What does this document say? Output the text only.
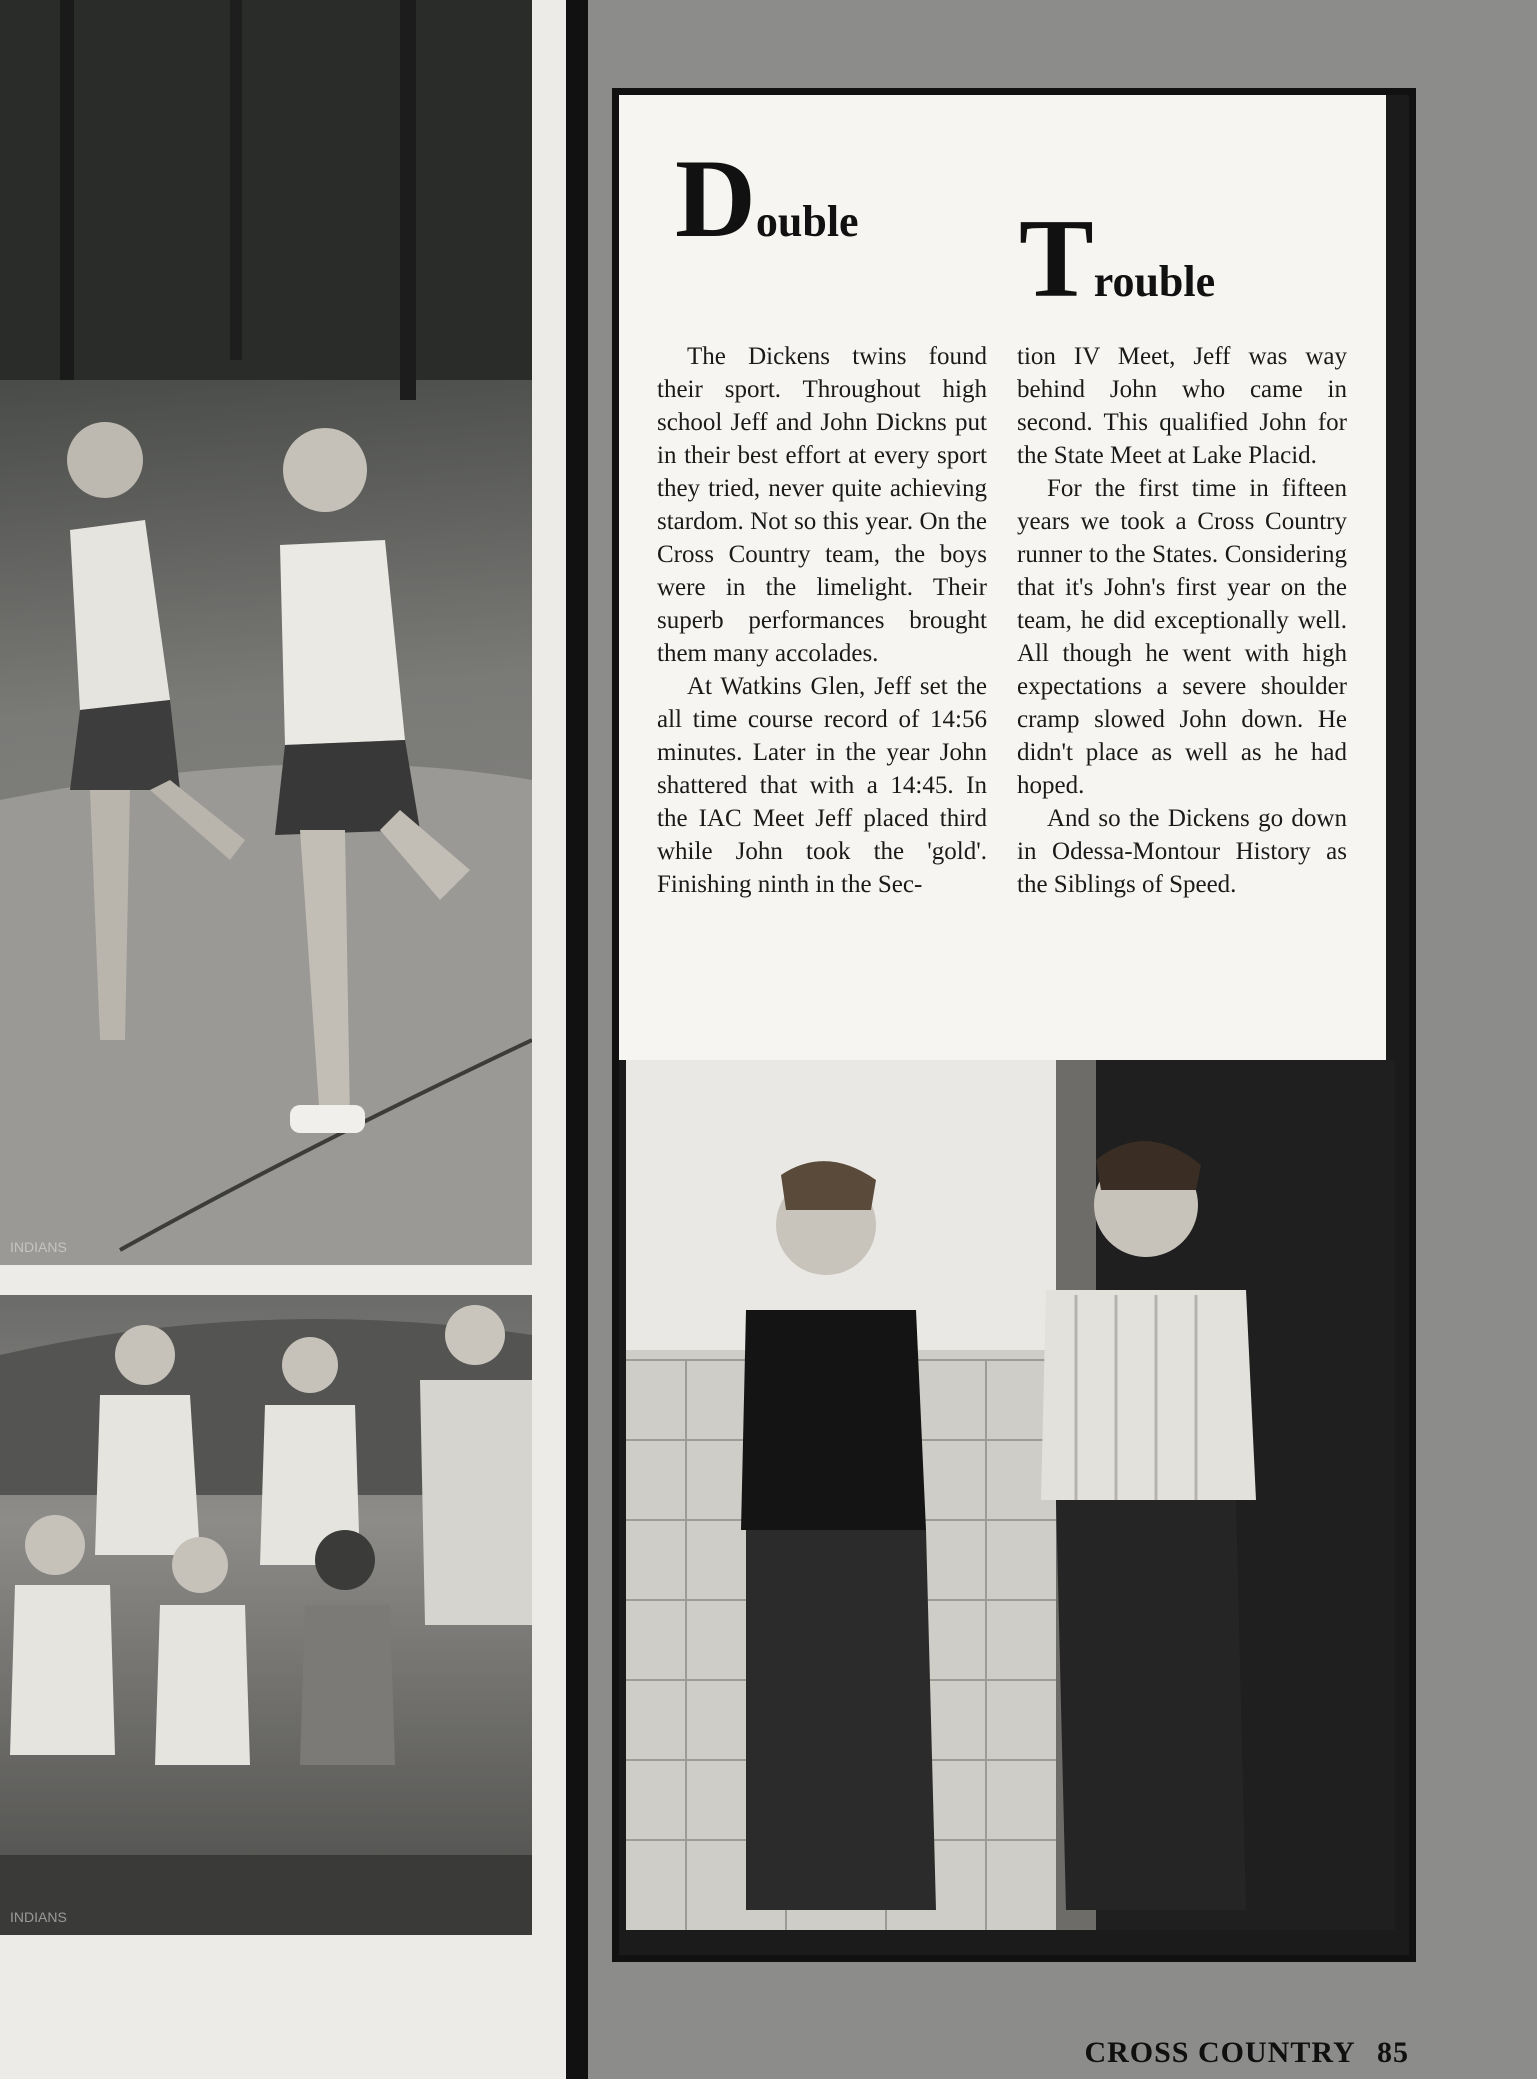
INDIANS
INDIANS
Double Trouble

The Dickens twins found their sport. Throughout high school Jeff and John Dickns put in their best effort at every sport they tried, never quite achieving stardom. Not so this year. On the Cross Country team, the boys were in the limelight. Their superb performances brought them many accolades.

At Watkins Glen, Jeff set the all time course record of 14:56 minutes. Later in the year John shattered that with a 14:45. In the IAC Meet Jeff placed third while John took the 'gold'. Finishing ninth in the Sec-

tion IV Meet, Jeff was way behind John who came in second. This qualified John for the State Meet at Lake Placid.

For the first time in fifteen years we took a Cross Country runner to the States. Considering that it's John's first year on the team, he did exceptionally well. All though he went with high expectations a severe shoulder cramp slowed John down. He didn't place as well as he had hoped.

And so the Dickens go down in Odessa-Montour History as the Siblings of Speed.

CROSS COUNTRY 85
